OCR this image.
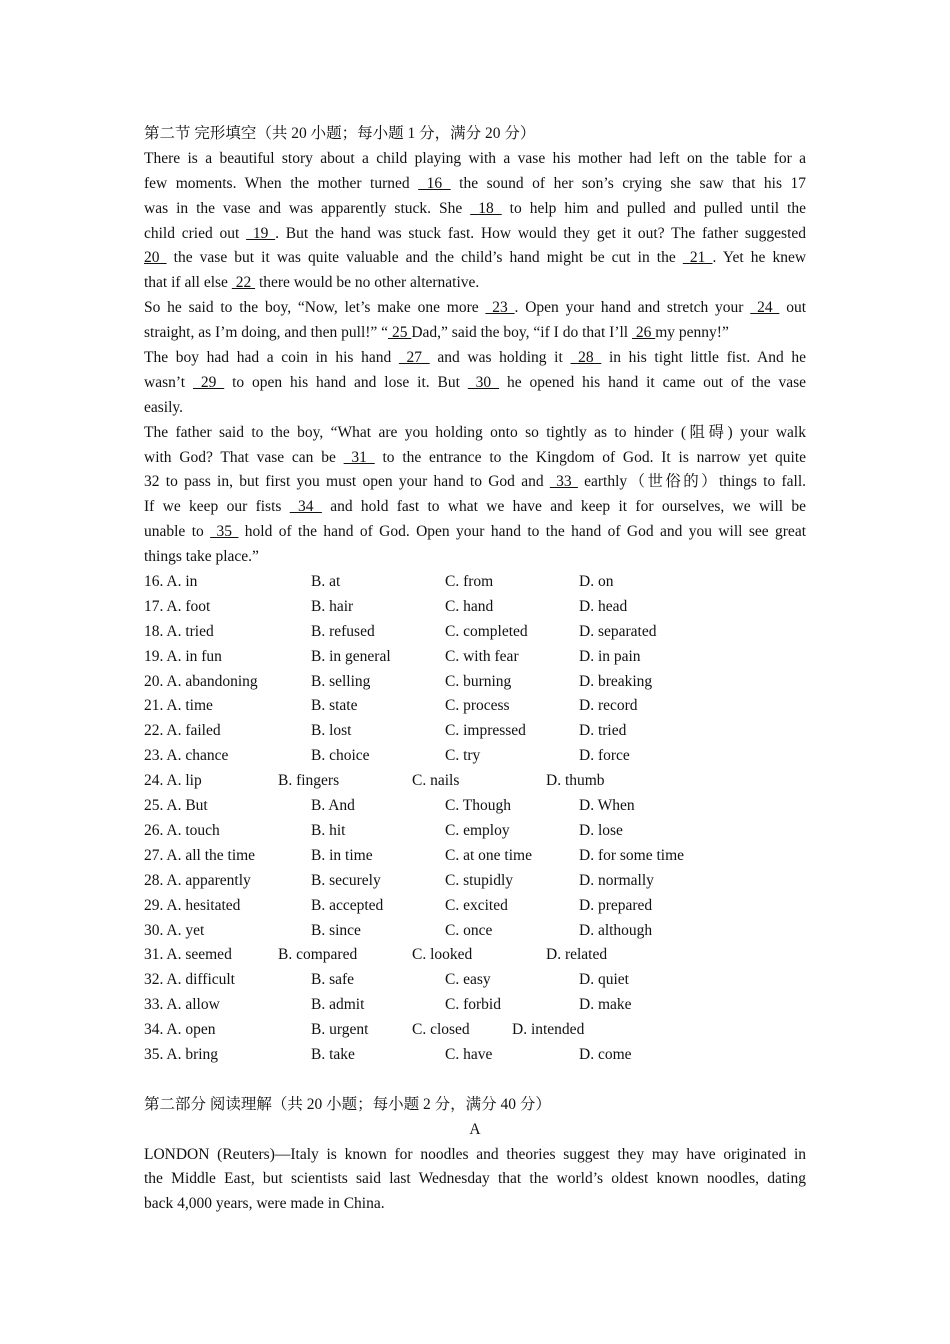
第二节 完形填空（共 20 小题；每小题 1 分，满分 20 分）
There is a beautiful story about a child playing with a vase his mother had left on the table for a
few moments. When the mother turned  16  the sound of her son’s crying she saw that his 17
was in the vase and was apparently stuck. She  18  to help him and pulled and pulled until the
child cried out  19 . But the hand was stuck fast. How would they get it out? The father suggested
20  the vase but it was quite valuable and the child’s hand might be cut in the  21 . Yet he knew
that if all else  22  there would be no other alternative.
So he said to the boy, “Now, let’s make one more  23 . Open your hand and stretch your  24  out
straight, as I’m doing, and then pull!” “ 25 Dad,” said the boy, “if I do that I’ll  26 my penny!”
The boy had had a coin in his hand  27  and was holding it  28  in his tight little fist. And he
wasn’t  29  to open his hand and lose it. But  30  he opened his hand it came out of the vase
easily.
The father said to the boy, “What are you holding onto so tightly as to hinder (阻碍) your walk
with God? That vase can be  31  to the entrance to the Kingdom of God. It is narrow yet quite
32 to pass in, but first you must open your hand to God and  33  earthly（世俗的）things to fall.
If we keep our fists  34  and hold fast to what we have and keep it for ourselves, we will be
unable to  35  hold of the hand of God. Open your hand to the hand of God and you will see great
things take place.”
16. A. in	B. at	C. from	D. on
17. A. foot	B. hair	C. hand	D. head
18. A. tried	B. refused	C. completed	D. separated
19. A. in fun	B. in general	C. with fear	D. in pain
20. A. abandoning	B. selling	C. burning	D. breaking
21. A. time	B. state	C. process	D. record
22. A. failed	B. lost	C. impressed	D. tried
23. A. chance	B. choice	C. try	D. force
24. A. lip	B. fingers	C. nails	D. thumb
25. A. But	B. And	C. Though	D. When
26. A. touch	B. hit	C. employ	D. lose
27. A. all the time	B. in time	C. at one time	D. for some time
28. A. apparently	B. securely	C. stupidly	D. normally
29. A. hesitated	B. accepted	C. excited	D. prepared
30. A. yet	B. since	C. once	D. although
31. A. seemed	B. compared	C. looked	D. related
32. A. difficult	B. safe	C. easy	D. quiet
33. A. allow	B. admit	C. forbid	D. make
34. A. open	B. urgent	C. closed	D. intended
35. A. bring	B. take	C. have	D. come
第二部分 阅读理解（共 20 小题；每小题 2 分，满分 40 分）
A
LONDON (Reuters)—Italy is known for noodles and theories suggest they may have originated in
the Middle East, but scientists said last Wednesday that the world’s oldest known noodles, dating
back 4,000 years, were made in China.
